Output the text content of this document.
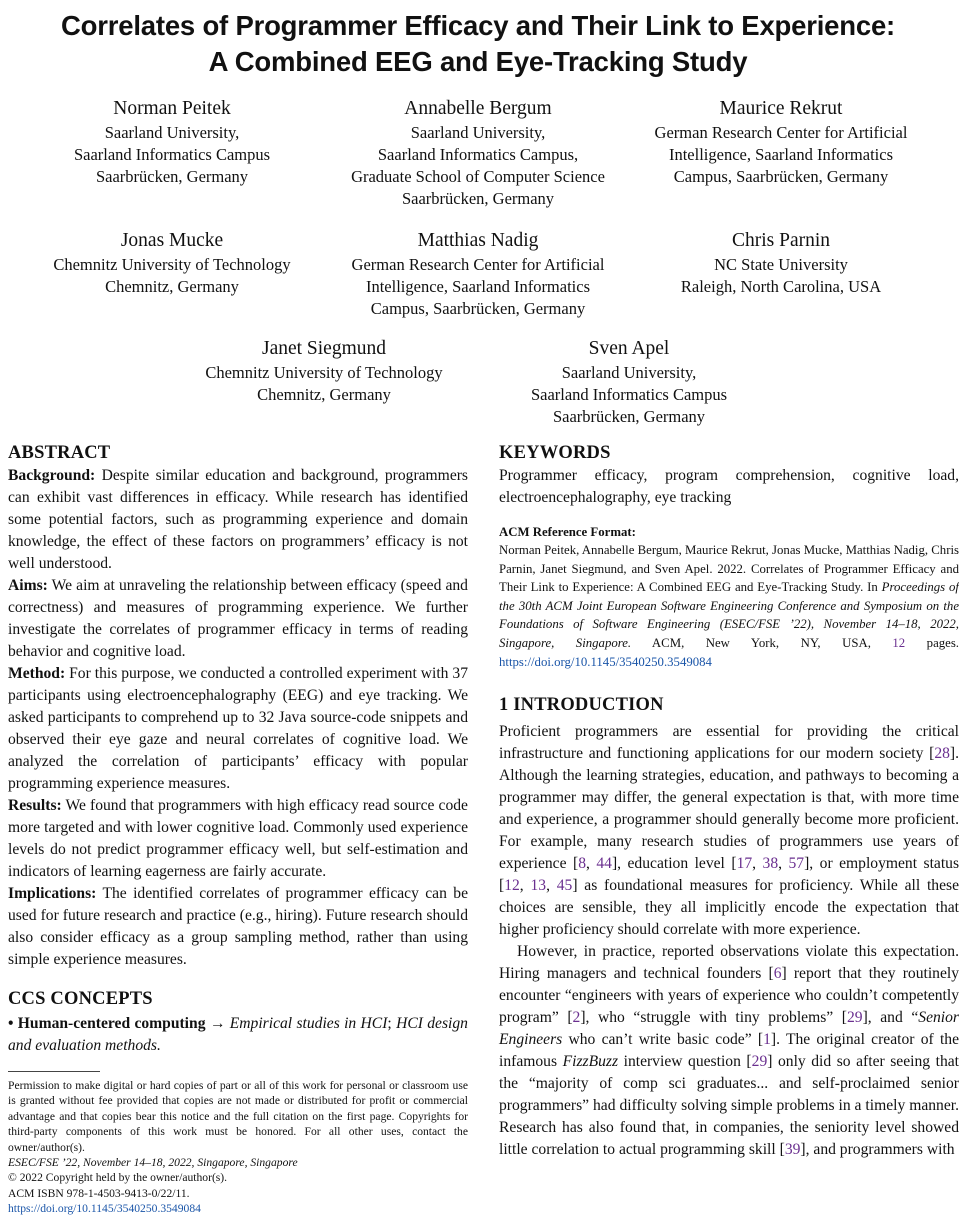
Correlates of Programmer Efficacy and Their Link to Experience:
A Combined EEG and Eye-Tracking Study
Norman Peitek
Saarland University,
Saarland Informatics Campus
Saarbrücken, Germany
Annabelle Bergum
Saarland University,
Saarland Informatics Campus,
Graduate School of Computer Science
Saarbrücken, Germany
Maurice Rekrut
German Research Center for Artificial
Intelligence, Saarland Informatics
Campus, Saarbrücken, Germany
Jonas Mucke
Chemnitz University of Technology
Chemnitz, Germany
Matthias Nadig
German Research Center for Artificial
Intelligence, Saarland Informatics
Campus, Saarbrücken, Germany
Chris Parnin
NC State University
Raleigh, North Carolina, USA
Janet Siegmund
Chemnitz University of Technology
Chemnitz, Germany
Sven Apel
Saarland University,
Saarland Informatics Campus
Saarbrücken, Germany
ABSTRACT

Background: Despite similar education and background, programmers can exhibit vast differences in efficacy. While research has identified some potential factors, such as programming experience and domain knowledge, the effect of these factors on programmers’ efficacy is not well understood.

Aims: We aim at unraveling the relationship between efficacy (speed and correctness) and measures of programming experience. We further investigate the correlates of programmer efficacy in terms of reading behavior and cognitive load.

Method: For this purpose, we conducted a controlled experiment with 37 participants using electroencephalography (EEG) and eye tracking. We asked participants to comprehend up to 32 Java source-code snippets and observed their eye gaze and neural correlates of cognitive load. We analyzed the correlation of participants’ efficacy with popular programming experience measures.

Results: We found that programmers with high efficacy read source code more targeted and with lower cognitive load. Commonly used experience levels do not predict programmer efficacy well, but self-estimation and indicators of learning eagerness are fairly accurate.

Implications: The identified correlates of programmer efficacy can be used for future research and practice (e.g., hiring). Future research should also consider efficacy as a group sampling method, rather than using simple experience measures.

CCS CONCEPTS
• Human-centered computing → Empirical studies in HCI; HCI design and evaluation methods.
Permission to make digital or hard copies of part or all of this work for personal or classroom use is granted without fee provided that copies are not made or distributed for profit or commercial advantage and that copies bear this notice and the full citation on the first page. Copyrights for third-party components of this work must be honored. For all other uses, contact the owner/author(s).
ESEC/FSE ’22, November 14–18, 2022, Singapore, Singapore
© 2022 Copyright held by the owner/author(s).
ACM ISBN 978-1-4503-9413-0/22/11.
https://doi.org/10.1145/3540250.3549084
KEYWORDS
Programmer efficacy, program comprehension, cognitive load, electroencephalography, eye tracking
ACM Reference Format:
Norman Peitek, Annabelle Bergum, Maurice Rekrut, Jonas Mucke, Matthias Nadig, Chris Parnin, Janet Siegmund, and Sven Apel. 2022. Correlates of Programmer Efficacy and Their Link to Experience: A Combined EEG and Eye-Tracking Study. In Proceedings of the 30th ACM Joint European Software Engineering Conference and Symposium on the Foundations of Software Engineering (ESEC/FSE ’22), November 14–18, 2022, Singapore, Singapore. ACM, New York, NY, USA, 12 pages. https://doi.org/10.1145/3540250.3549084
1 INTRODUCTION

Proficient programmers are essential for providing the critical infrastructure and functioning applications for our modern society [28]. Although the learning strategies, education, and pathways to becoming a programmer may differ, the general expectation is that, with more time and experience, a programmer should generally become more proficient. For example, many research studies of programmers use years of experience [8, 44], education level [17, 38, 57], or employment status [12, 13, 45] as foundational measures for proficiency. While all these choices are sensible, they all implicitly encode the expectation that higher proficiency should correlate with more experience.

However, in practice, reported observations violate this expectation. Hiring managers and technical founders [6] report that they routinely encounter “engineers with years of experience who couldn’t competently program” [2], who “struggle with tiny problems” [29], and “Senior Engineers who can’t write basic code” [1]. The original creator of the infamous FizzBuzz interview question [29] only did so after seeing that the “majority of comp sci graduates... and self-proclaimed senior programmers” had difficulty solving simple problems in a timely manner. Research has also found that, in companies, the seniority level showed little correlation to actual programming skill [39], and programmers with
